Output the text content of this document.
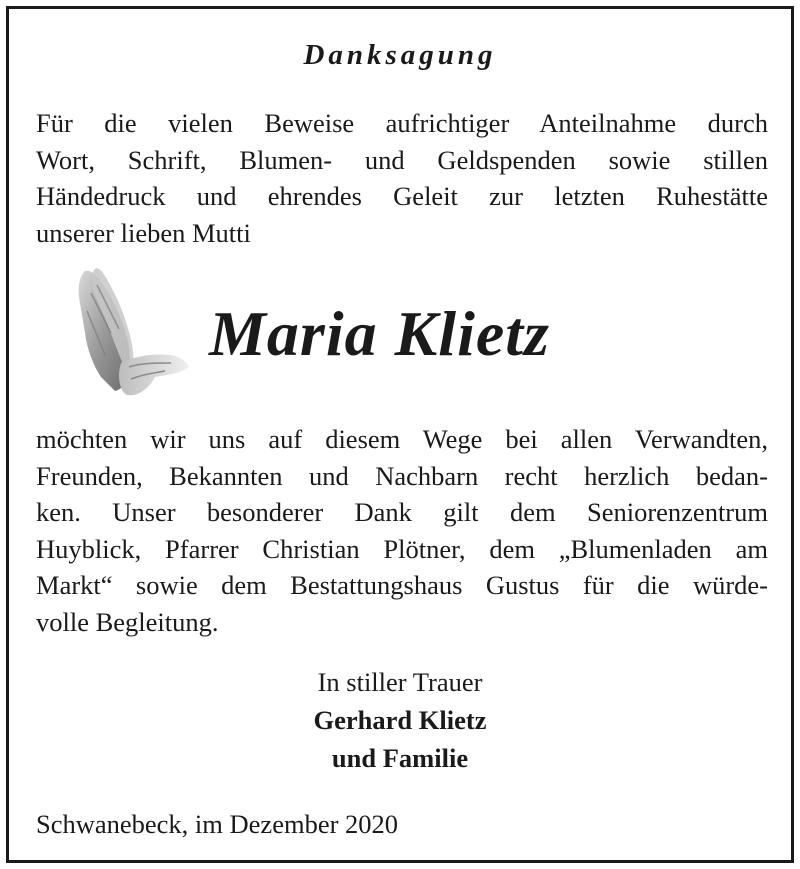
Danksagung
Für die vielen Beweise aufrichtiger Anteilnahme durch
Wort, Schrift, Blumen- und Geldspenden sowie stillen
Händedruck und ehrendes Geleit zur letzten Ruhestätte
unserer lieben Mutti
Maria Klietz
möchten wir uns auf diesem Wege bei allen Verwandten,
Freunden, Bekannten und Nachbarn recht herzlich bedan-
ken. Unser besonderer Dank gilt dem Seniorenzentrum
Huyblick, Pfarrer Christian Plötner, dem „Blumenladen am
Markt“ sowie dem Bestattungshaus Gustus für die würde-
volle Begleitung.
In stiller Trauer
Gerhard Klietz
und Familie
Schwanebeck, im Dezember 2020
